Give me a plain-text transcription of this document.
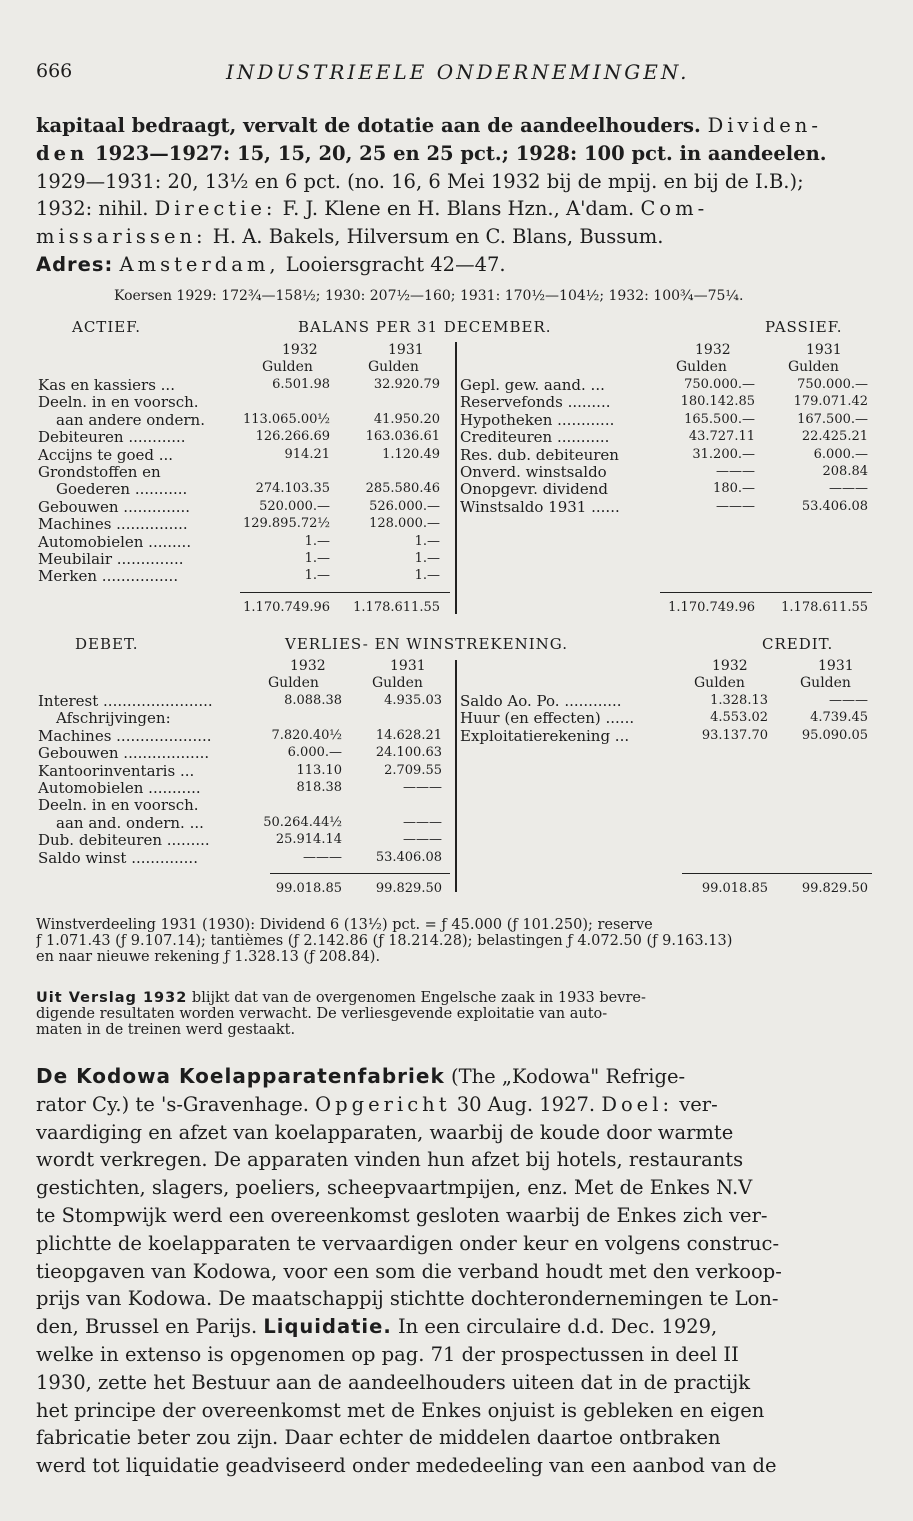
666	INDUSTRIEELE ONDERNEMINGEN.
kapitaal bedraagt, vervalt de dotatie aan de aandeelhouders. Dividen-
den 1923—1927: 15, 15, 20, 25 en 25 pct.; 1928: 100 pct. in aandeelen.
1929—1931: 20, 13½ en 6 pct. (no. 16, 6 Mei 1932 bij de mpij. en bij de I.B.);
1932: nihil. Directie: F. J. Klene en H. Blans Hzn., A'dam. Com-
missarissen: H. A. Bakels, Hilversum en C. Blans, Bussum.
Adres: Amsterdam, Looiersgracht 42—47.
Koersen 1929: 172¾—158½; 1930: 207½—160; 1931: 170½—104½; 1932: 100¾—75¼.
ACTIEF.	BALANS PER 31 DECEMBER.	PASSIEF.
1932	1931
Gulden	Gulden
1932	1931
Gulden	Gulden
Kas en kassiers ...	6.501.98	32.920.79
Deeln. in en voorsch.
aan andere ondern.	113.065.00½	41.950.20
Debiteuren ............	126.266.69	163.036.61
Accijns te goed ...	914.21	1.120.49
Grondstoffen en
Goederen ...........	274.103.35	285.580.46
Gebouwen ..............	520.000.—	526.000.—
Machines ...............	129.895.72½	128.000.—
Automobielen .........	1.—	1.—
Meubilair ..............	1.—	1.—
Merken ................	1.—	1.—
Gepl. gew. aand. ...	750.000.—	750.000.—
Reservefonds .........	180.142.85	179.071.42
Hypotheken ............	165.500.—	167.500.—
Crediteuren ...........	43.727.11	22.425.21
Res. dub. debiteuren	31.200.—	6.000.—
Onverd. winstsaldo	———	208.84
Onopgevr. dividend	180.—	———
Winstsaldo 1931 ......	———	53.406.08
1.170.749.96	1.178.611.55	1.170.749.96	1.178.611.55
DEBET.	VERLIES- EN WINSTREKENING.	CREDIT.
1932	1931
Gulden	Gulden
1932	1931
Gulden	Gulden
Interest .......................	8.088.38	4.935.03
Afschrijvingen:
Machines ....................	7.820.40½	14.628.21
Gebouwen ..................	6.000.—	24.100.63
Kantoorinventaris ...	113.10	2.709.55
Automobielen ...........	818.38	———
Deeln. in en voorsch.
aan and. ondern. ...	50.264.44½	———
Dub. debiteuren .........	25.914.14	———
Saldo winst ..............	———	53.406.08
Saldo Ao. Po. ............	1.328.13	———
Huur (en effecten) ......	4.553.02	4.739.45
Exploitatierekening ...	93.137.70	95.090.05
99.018.85	99.829.50	99.018.85	99.829.50
Winstverdeeling 1931 (1930): Dividend 6 (13½) pct. = ƒ 45.000 (ƒ 101.250); reserve
ƒ 1.071.43 (ƒ 9.107.14); tantièmes (ƒ 2.142.86 (ƒ 18.214.28); belastingen ƒ 4.072.50 (ƒ 9.163.13)
en naar nieuwe rekening ƒ 1.328.13 (ƒ 208.84).
Uit Verslag 1932 blijkt dat van de overgenomen Engelsche zaak in 1933 bevre-
digende resultaten worden verwacht. De verliesgevende exploitatie van auto-
maten in de treinen werd gestaakt.
De Kodowa Koelapparatenfabriek (The „Kodowa" Refrige-
rator Cy.) te 's-Gravenhage. Opgericht 30 Aug. 1927. Doel: ver-
vaardiging en afzet van koelapparaten, waarbij de koude door warmte
wordt verkregen. De apparaten vinden hun afzet bij hotels, restaurants
gestichten, slagers, poeliers, scheepvaartmpijen, enz. Met de Enkes N.V
te Stompwijk werd een overeenkomst gesloten waarbij de Enkes zich ver-
plichtte de koelapparaten te vervaardigen onder keur en volgens construc-
tieopgaven van Kodowa, voor een som die verband houdt met den verkoop-
prijs van Kodowa. De maatschappij stichtte dochterondernemingen te Lon-
den, Brussel en Parijs. Liquidatie. In een circulaire d.d. Dec. 1929,
welke in extenso is opgenomen op pag. 71 der prospectussen in deel II
1930, zette het Bestuur aan de aandeelhouders uiteen dat in de practijk
het principe der overeenkomst met de Enkes onjuist is gebleken en eigen
fabricatie beter zou zijn. Daar echter de middelen daartoe ontbraken
werd tot liquidatie geadviseerd onder mededeeling van een aanbod van de
